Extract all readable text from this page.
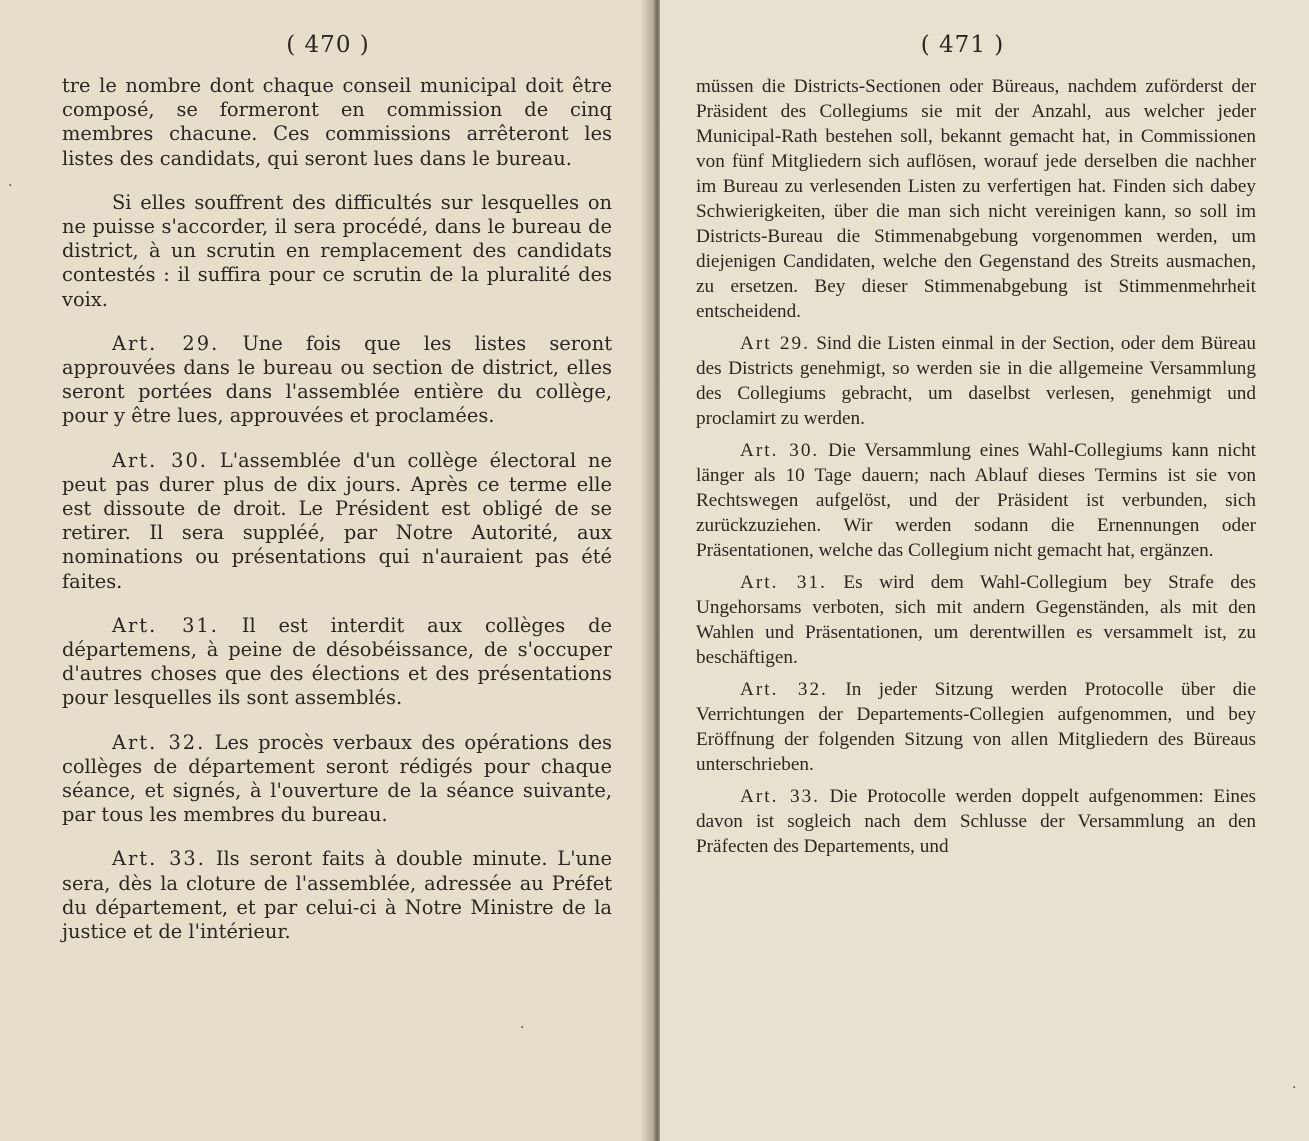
( 470 )

tre le nombre dont chaque conseil municipal doit être composé, se formeront en commission de cinq membres chacune. Ces commissions arrêteront les listes des candidats, qui seront lues dans le bureau.

Si elles souffrent des difficultés sur lesquelles on ne puisse s'accorder, il sera procédé, dans le bureau de district, à un scrutin en remplacement des candidats contestés : il suffira pour ce scrutin de la pluralité des voix.

Art. 29. Une fois que les listes seront approuvées dans le bureau ou section de district, elles seront portées dans l'assemblée entière du collège, pour y être lues, approuvées et proclamées.

Art. 30. L'assemblée d'un collège électoral ne peut pas durer plus de dix jours. Après ce terme elle est dissoute de droit. Le Président est obligé de se retirer. Il sera suppléé, par Notre Autorité, aux nominations ou présentations qui n'auraient pas été faites.

Art. 31. Il est interdit aux collèges de départemens, à peine de désobéissance, de s'occuper d'autres choses que des élections et des présentations pour lesquelles ils sont assemblés.

Art. 32. Les procès verbaux des opérations des collèges de département seront rédigés pour chaque séance, et signés, à l'ouverture de la séance suivante, par tous les membres du bureau.

Art. 33. Ils seront faits à double minute. L'une sera, dès la cloture de l'assemblée, adressée au Préfet du département, et par celui-ci à Notre Ministre de la justice et de l'intérieur.

·
·
( 471 )

müssen die Districts-Sectionen oder Büreaus, nachdem zuförderst der Präsident des Collegiums sie mit der Anzahl, aus welcher jeder Municipal-Rath bestehen soll, bekannt gemacht hat, in Commissionen von fünf Mitgliedern sich auflösen, worauf jede derselben die nachher im Bureau zu verlesenden Listen zu verfertigen hat. Finden sich dabey Schwierigkeiten, über die man sich nicht vereinigen kann, so soll im Districts-Bureau die Stimmenabgebung vorgenommen werden, um diejenigen Candidaten, welche den Gegenstand des Streits ausmachen, zu ersetzen. Bey dieser Stimmenabgebung ist Stimmenmehrheit entscheidend.

Art 29. Sind die Listen einmal in der Section, oder dem Büreau des Districts genehmigt, so werden sie in die allgemeine Versammlung des Collegiums gebracht, um daselbst verlesen, genehmigt und proclamirt zu werden.

Art. 30. Die Versammlung eines Wahl-Collegiums kann nicht länger als 10 Tage dauern; nach Ablauf dieses Termins ist sie von Rechtswegen aufgelöst, und der Präsident ist verbunden, sich zurückzuziehen. Wir werden sodann die Ernennungen oder Präsentationen, welche das Collegium nicht gemacht hat, ergänzen.

Art. 31. Es wird dem Wahl-Collegium bey Strafe des Ungehorsams verboten, sich mit andern Gegenständen, als mit den Wahlen und Präsentationen, um derentwillen es versammelt ist, zu beschäftigen.

Art. 32. In jeder Sitzung werden Protocolle über die Verrichtungen der Departements-Collegien aufgenommen, und bey Eröffnung der folgenden Sitzung von allen Mitgliedern des Büreaus unterschrieben.

Art. 33. Die Protocolle werden doppelt aufgenommen: Eines davon ist sogleich nach dem Schlusse der Versammlung an den Präfecten des Departements, und

·
